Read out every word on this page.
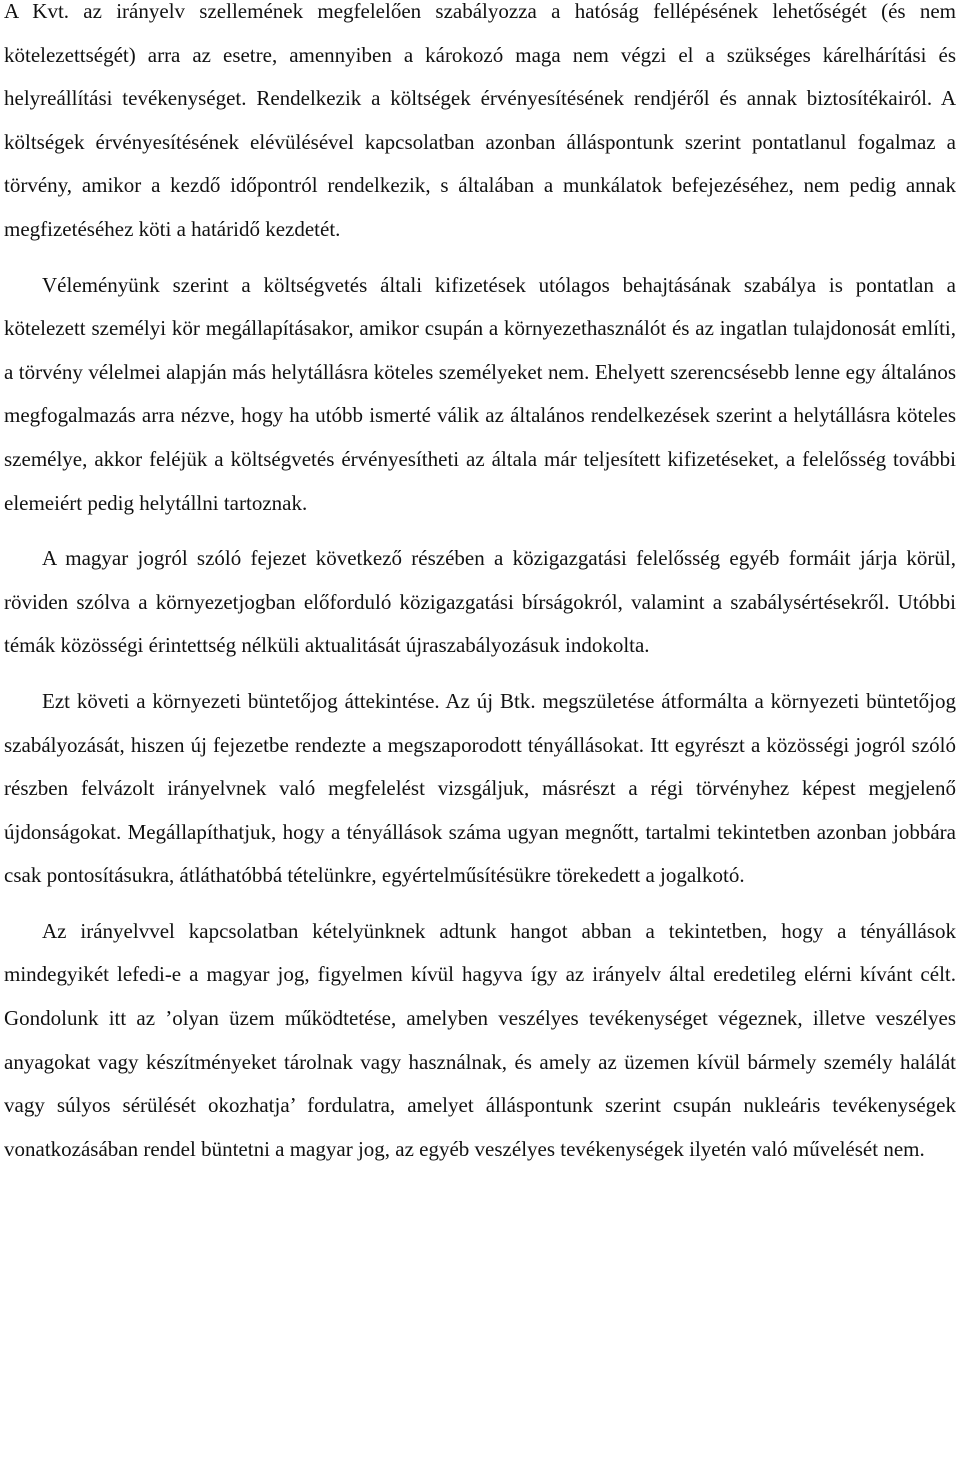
A Kvt. az irányelv szellemének megfelelően szabályozza a hatóság fellépésének lehetőségét (és nem kötelezettségét) arra az esetre, amennyiben a károkozó maga nem végzi el a szükséges kárelhárítási és helyreállítási tevékenységet. Rendelkezik a költségek érvényesítésének rendjéről és annak biztosítékairól. A költségek érvényesítésének elévülésével kapcsolatban azonban álláspontunk szerint pontatlanul fogalmaz a törvény, amikor a kezdő időpontról rendelkezik, s általában a munkálatok befejezéséhez, nem pedig annak megfizetéséhez köti a határidő kezdetét.

Véleményünk szerint a költségvetés általi kifizetések utólagos behajtásának szabálya is pontatlan a kötelezett személyi kör megállapításakor, amikor csupán a környezethasználót és az ingatlan tulajdonosát említi, a törvény vélelmei alapján más helytállásra köteles személyeket nem. Ehelyett szerencsésebb lenne egy általános megfogalmazás arra nézve, hogy ha utóbb ismerté válik az általános rendelkezések szerint a helytállásra köteles személye, akkor feléjük a költségvetés érvényesítheti az általa már teljesített kifizetéseket, a felelősség további elemeiért pedig helytállni tartoznak.

A magyar jogról szóló fejezet következő részében a közigazgatási felelősség egyéb formáit járja körül, röviden szólva a környezetjogban előforduló közigazgatási bírságokról, valamint a szabálysértésekről. Utóbbi témák közösségi érintettség nélküli aktualitását újraszabályozásuk indokolta.

Ezt követi a környezeti büntetőjog áttekintése. Az új Btk. megszületése átformálta a környezeti büntetőjog szabályozását, hiszen új fejezetbe rendezte a megszaporodott tényállásokat. Itt egyrészt a közösségi jogról szóló részben felvázolt irányelvnek való megfelelést vizsgáljuk, másrészt a régi törvényhez képest megjelenő újdonságokat. Megállapíthatjuk, hogy a tényállások száma ugyan megnőtt, tartalmi tekintetben azonban jobbára csak pontosításukra, átláthatóbbá tételünkre, egyértelműsítésükre törekedett a jogalkotó.

Az irányelvvel kapcsolatban kételyünknek adtunk hangot abban a tekintetben, hogy a tényállások mindegyikét lefedi-e a magyar jog, figyelmen kívül hagyva így az irányelv által eredetileg elérni kívánt célt. Gondolunk itt az ’olyan üzem működtetése, amelyben veszélyes tevékenységet végeznek, illetve veszélyes anyagokat vagy készítményeket tárolnak vagy használnak, és amely az üzemen kívül bármely személy halálát vagy súlyos sérülését okozhatja’ fordulatra, amelyet álláspontunk szerint csupán nukleáris tevékenységek vonatkozásában rendel büntetni a magyar jog, az egyéb veszélyes tevékenységek ilyetén való művelését nem.
